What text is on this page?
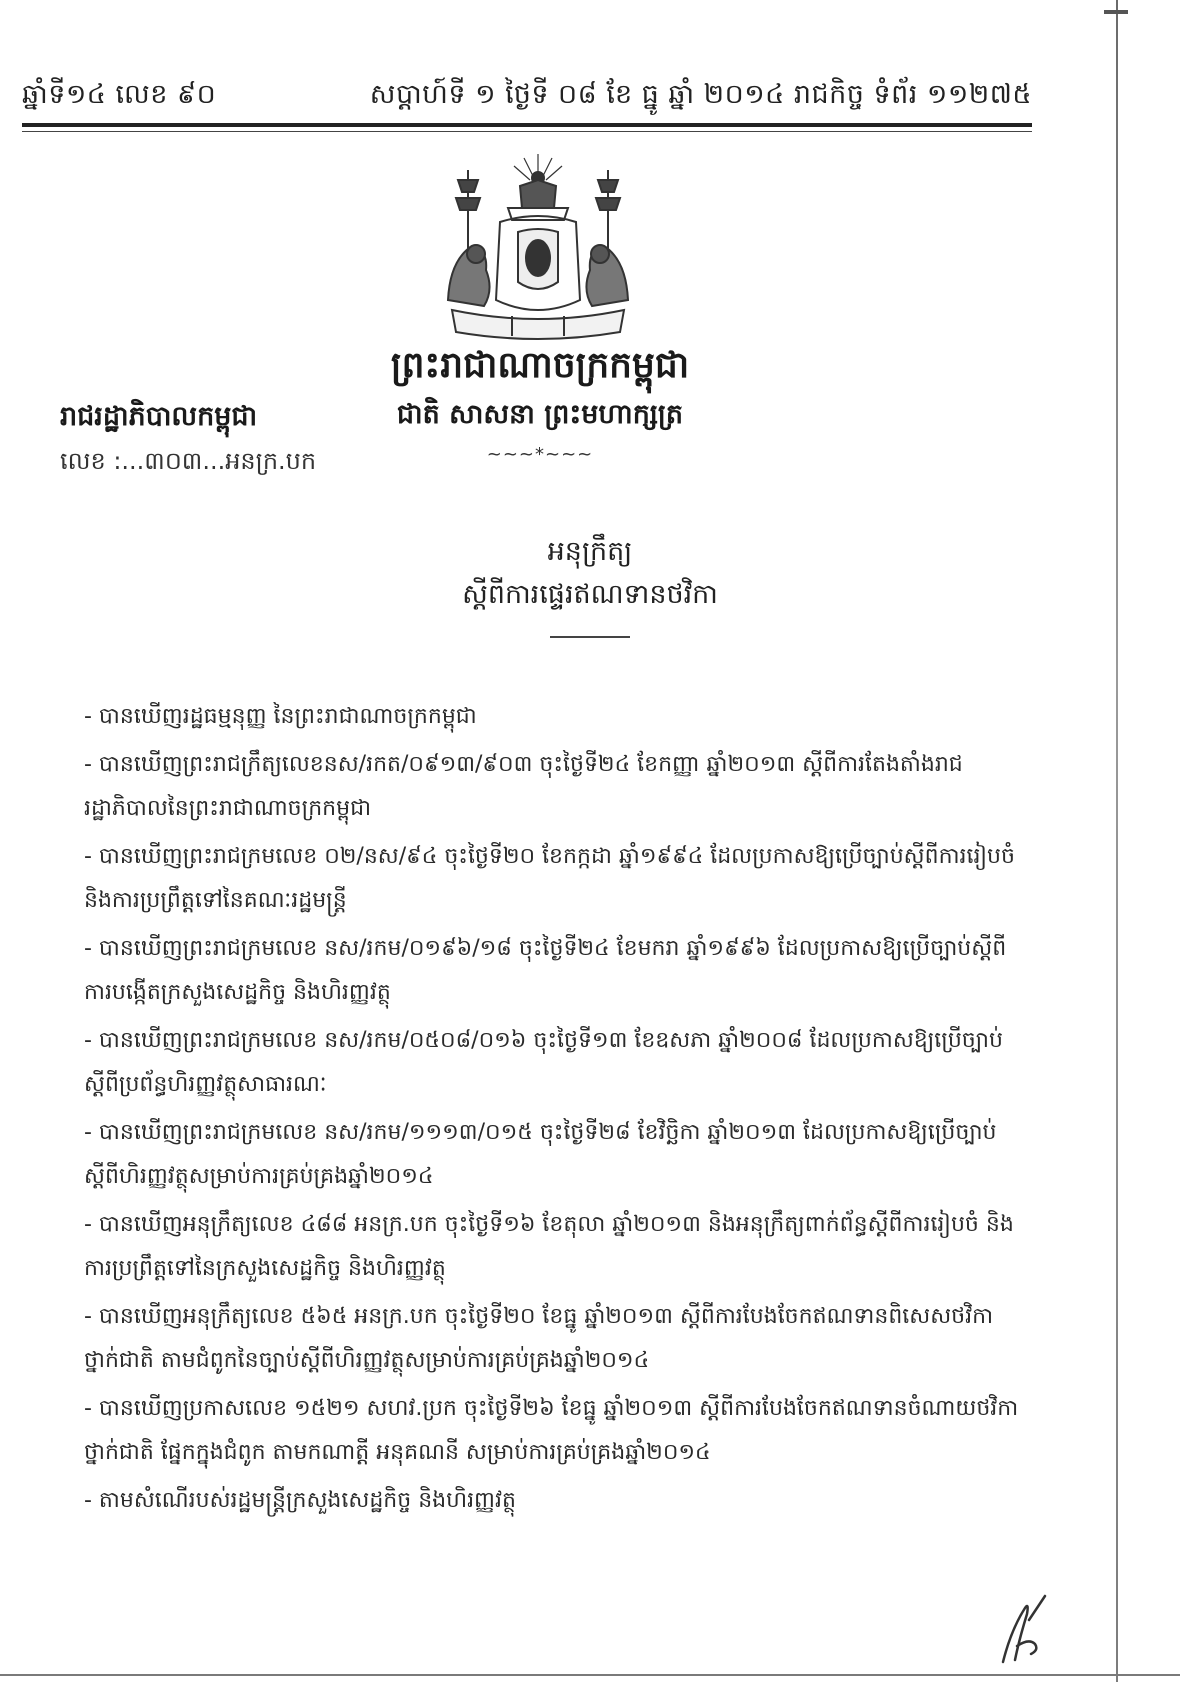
ឆ្នាំទី១៤ លេខ ៩០	សប្តាហ៍ទី ១ ថ្ងៃទី ០៨ ខែ ធ្នូ ឆ្នាំ ២០១៤ រាជកិច្ច ទំព័រ ១១២៧៥
ព្រះរាជាណាចក្រកម្ពុជា
ជាតិ សាសនា ព្រះមហាក្សត្រ
~~~*~~~
រាជរដ្ឋាភិបាលកម្ពុជា
លេខ :...៣០៣...អនក្រ.បក
អនុក្រឹត្យ
ស្តីពីការផ្ទេរឥណទានថវិកា
- បានឃើញរដ្ឋធម្មនុញ្ញ នៃព្រះរាជាណាចក្រកម្ពុជា
- បានឃើញព្រះរាជក្រឹត្យលេខនស/រកត/០៩១៣/៩០៣ ចុះថ្ងៃទី២៤ ខែកញ្ញា ឆ្នាំ២០១៣ ស្តីពីការតែងតាំងរាជរដ្ឋាភិបាលនៃព្រះរាជាណាចក្រកម្ពុជា
- បានឃើញព្រះរាជក្រមលេខ ០២/នស/៩៤ ចុះថ្ងៃទី២០ ខែកក្កដា ឆ្នាំ១៩៩៤ ដែលប្រកាសឱ្យប្រើច្បាប់ស្តីពីការរៀបចំ និងការប្រព្រឹត្តទៅនៃគណៈរដ្ឋមន្ត្រី
- បានឃើញព្រះរាជក្រមលេខ នស/រកម/០១៩៦/១៨ ចុះថ្ងៃទី២៤ ខែមករា ឆ្នាំ១៩៩៦ ដែលប្រកាសឱ្យប្រើច្បាប់ស្តីពីការបង្កើតក្រសួងសេដ្ឋកិច្ច និងហិរញ្ញវត្ថុ
- បានឃើញព្រះរាជក្រមលេខ នស/រកម/០៥០៨/០១៦ ចុះថ្ងៃទី១៣ ខែឧសភា ឆ្នាំ២០០៨ ដែលប្រកាសឱ្យប្រើច្បាប់ស្តីពីប្រព័ន្ធហិរញ្ញវត្ថុសាធារណៈ
- បានឃើញព្រះរាជក្រមលេខ នស/រកម/១១១៣/០១៥ ចុះថ្ងៃទី២៨ ខែវិច្ឆិកា ឆ្នាំ២០១៣ ដែលប្រកាសឱ្យប្រើច្បាប់ស្តីពីហិរញ្ញវត្ថុសម្រាប់ការគ្រប់គ្រងឆ្នាំ២០១៤
- បានឃើញអនុក្រឹត្យលេខ ៤៨៨ អនក្រ.បក ចុះថ្ងៃទី១៦ ខែតុលា ឆ្នាំ២០១៣ និងអនុក្រឹត្យពាក់ព័ន្ធស្តីពីការរៀបចំ និងការប្រព្រឹត្តទៅនៃក្រសួងសេដ្ឋកិច្ច និងហិរញ្ញវត្ថុ
- បានឃើញអនុក្រឹត្យលេខ ៥៦៥ អនក្រ.បក ចុះថ្ងៃទី២០ ខែធ្នូ ឆ្នាំ២០១៣ ស្តីពីការបែងចែកឥណទានពិសេសថវិកាថ្នាក់ជាតិ តាមជំពូកនៃច្បាប់ស្តីពីហិរញ្ញវត្ថុសម្រាប់ការគ្រប់គ្រងឆ្នាំ២០១៤
- បានឃើញប្រកាសលេខ ១៥២១ សហវ.ប្រក ចុះថ្ងៃទី២៦ ខែធ្នូ ឆ្នាំ២០១៣ ស្តីពីការបែងចែកឥណទានចំណាយថវិកាថ្នាក់ជាតិ ផ្នែកក្នុងជំពូក តាមកណាត្តី អនុគណនី សម្រាប់ការគ្រប់គ្រងឆ្នាំ២០១៤
- តាមសំណើរបស់រដ្ឋមន្ត្រីក្រសួងសេដ្ឋកិច្ច និងហិរញ្ញវត្ថុ
